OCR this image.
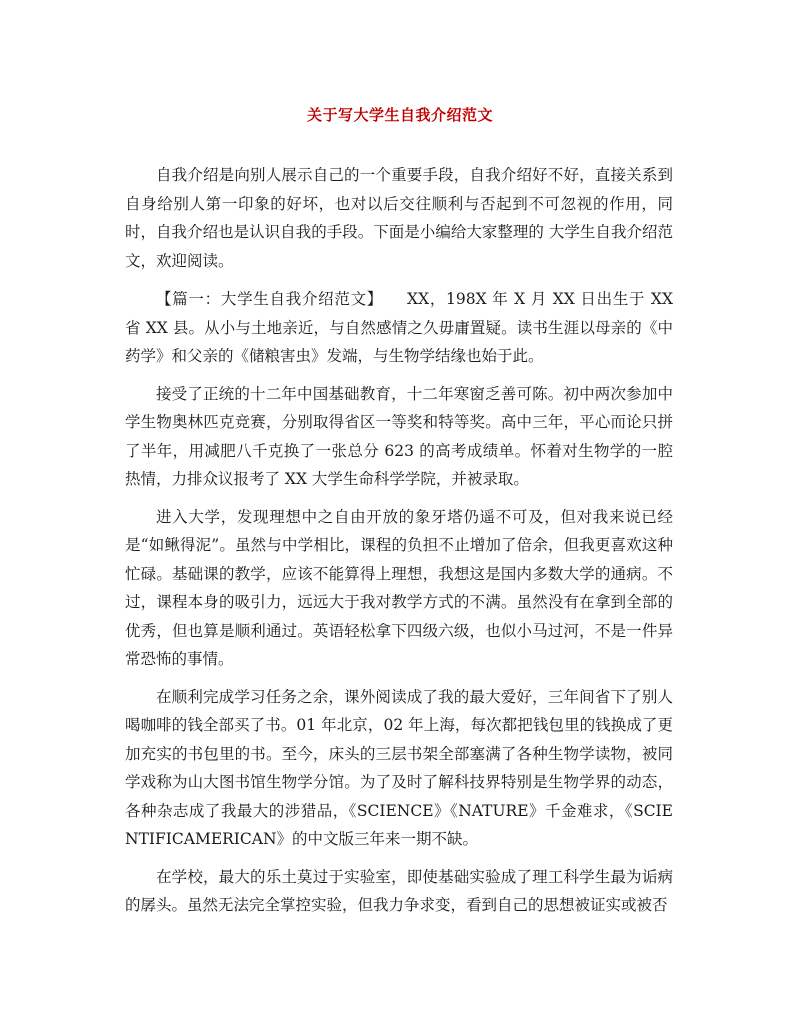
关于写大学生自我介绍范文

自我介绍是向别人展示自己的一个重要手段，自我介绍好不好，直接关系到自身给别人第一印象的好坏，也对以后交往顺利与否起到不可忽视的作用，同时，自我介绍也是认识自我的手段。下面是小编给大家整理的 大学生自我介绍范文，欢迎阅读。

【篇一：大学生自我介绍范文】 XX，198X 年 X 月 XX 日出生于 XX 省 XX 县。从小与土地亲近，与自然感情之久毋庸置疑。读书生涯以母亲的《中药学》和父亲的《储粮害虫》发端，与生物学结缘也始于此。

接受了正统的十二年中国基础教育，十二年寒窗乏善可陈。初中两次参加中学生物奥林匹克竞赛，分别取得省区一等奖和特等奖。高中三年，平心而论只拼了半年，用减肥八千克换了一张总分 623 的高考成绩单。怀着对生物学的一腔热情，力排众议报考了 XX 大学生命科学学院，并被录取。

进入大学，发现理想中之自由开放的象牙塔仍遥不可及，但对我来说已经是“如鳅得泥”。虽然与中学相比，课程的负担不止增加了倍余，但我更喜欢这种忙碌。基础课的教学，应该不能算得上理想，我想这是国内多数大学的通病。不过，课程本身的吸引力，远远大于我对教学方式的不满。虽然没有在拿到全部的优秀，但也算是顺利通过。英语轻松拿下四级六级，也似小马过河，不是一件异常恐怖的事情。

在顺利完成学习任务之余，课外阅读成了我的最大爱好，三年间省下了别人喝咖啡的钱全部买了书。01 年北京，02 年上海，每次都把钱包里的钱换成了更加充实的书包里的书。至今，床头的三层书架全部塞满了各种生物学读物，被同学戏称为山大图书馆生物学分馆。为了及时了解科技界特别是生物学界的动态，各种杂志成了我最大的涉猎品，《SCIENCE》《NATURE》千金难求，《SCIENTIFICAMERICAN》的中文版三年来一期不缺。

在学校，最大的乐土莫过于实验室，即使基础实验成了理工科学生最为诟病的孱头。虽然无法完全掌控实验，但我力争求变，看到自己的思想被证实或被否
